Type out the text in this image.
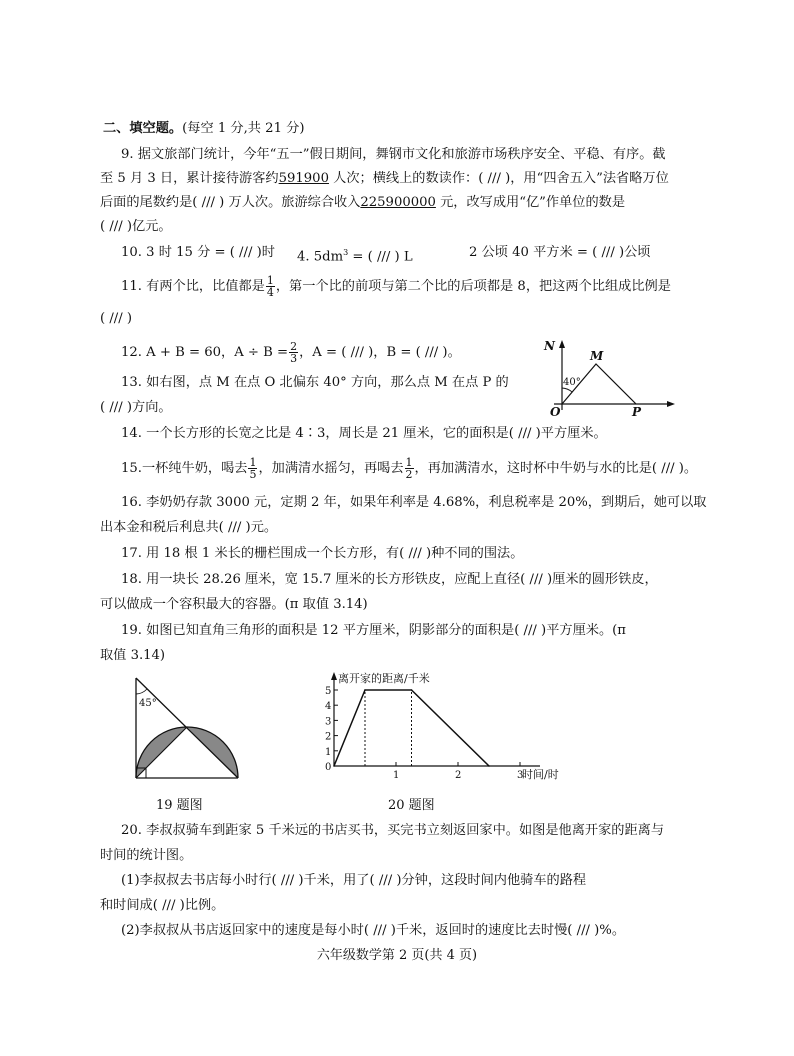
二、填空题。(每空 1 分,共 21 分)
9. 据文旅部门统计，今年“五一”假日期间，舞钢市文化和旅游市场秩序安全、平稳、有序。截
至 5 月 3 日，累计接待游客约591900 人次；横线上的数读作：( /// )，用“四舍五入”法省略万位
后面的尾数约是( /// ) 万人次。旅游综合收入225900000 元，改写成用“亿”作单位的数是
( /// )亿元。
10. 3 时 15 分 = ( /// )时 4. $5dm^3$ = ( /// ) L	2 公顷 40 平方米 = ( /// )公顷
11. 有两个比，比值都是 $\frac{1}{4}$ ，第一个比的前项与第二个比的后项都是 8，把这两个比组成比例是
( /// )
12. A + B = 60，$A \div B = \frac{2}{3}$ ，A = ( /// )，B = ( /// )。	N
M
40°
O	P
13. 如右图，点 M 在点 O 北偏东 40° 方向，那么点 M 在点 P 的
( /// )方向。
14. 一个长方形的长宽之比是 4∶3，周长是 21 厘米，它的面积是( /// )平方厘米。
15.一杯纯牛奶，喝去 $\frac{1}{5}$ ，加满清水摇匀，再喝去 $\frac{1}{2}$ ，再加满清水，这时杯中牛奶与水的比是( /// )。
16. 李奶奶存款 3000 元，定期 2 年，如果年利率是 4.68%，利息税率是 20%，到期后，她可以取
出本金和税后利息共( /// )元。
17. 用 18 根 1 米长的栅栏围成一个长方形，有( /// )种不同的围法。
18. 用一块长 28.26 厘米，宽 15.7 厘米的长方形铁皮，应配上直径( /// )厘米的圆形铁皮，
可以做成一个容积最大的容器。(π 取值 3.14)
19. 如图已知直角三角形的面积是 12 平方厘米，阴影部分的面积是( /// )平方厘米。(π
取值 3.14)
45°
19 题图
0
1
2
3
4
5
1	2	3
离开家的距离/千米
时间/时
20 题图
20. 李叔叔骑车到距家 5 千米远的书店买书，买完书立刻返回家中。如图是他离开家的距离与
时间的统计图。
(1)李叔叔去书店每小时行( /// )千米，用了( /// )分钟，这段时间内他骑车的路程
和时间成( /// )比例。
(2)李叔叔从书店返回家中的速度是每小时( /// )千米，返回时的速度比去时慢( /// )%。
六年级数学第 2 页(共 4 页)
